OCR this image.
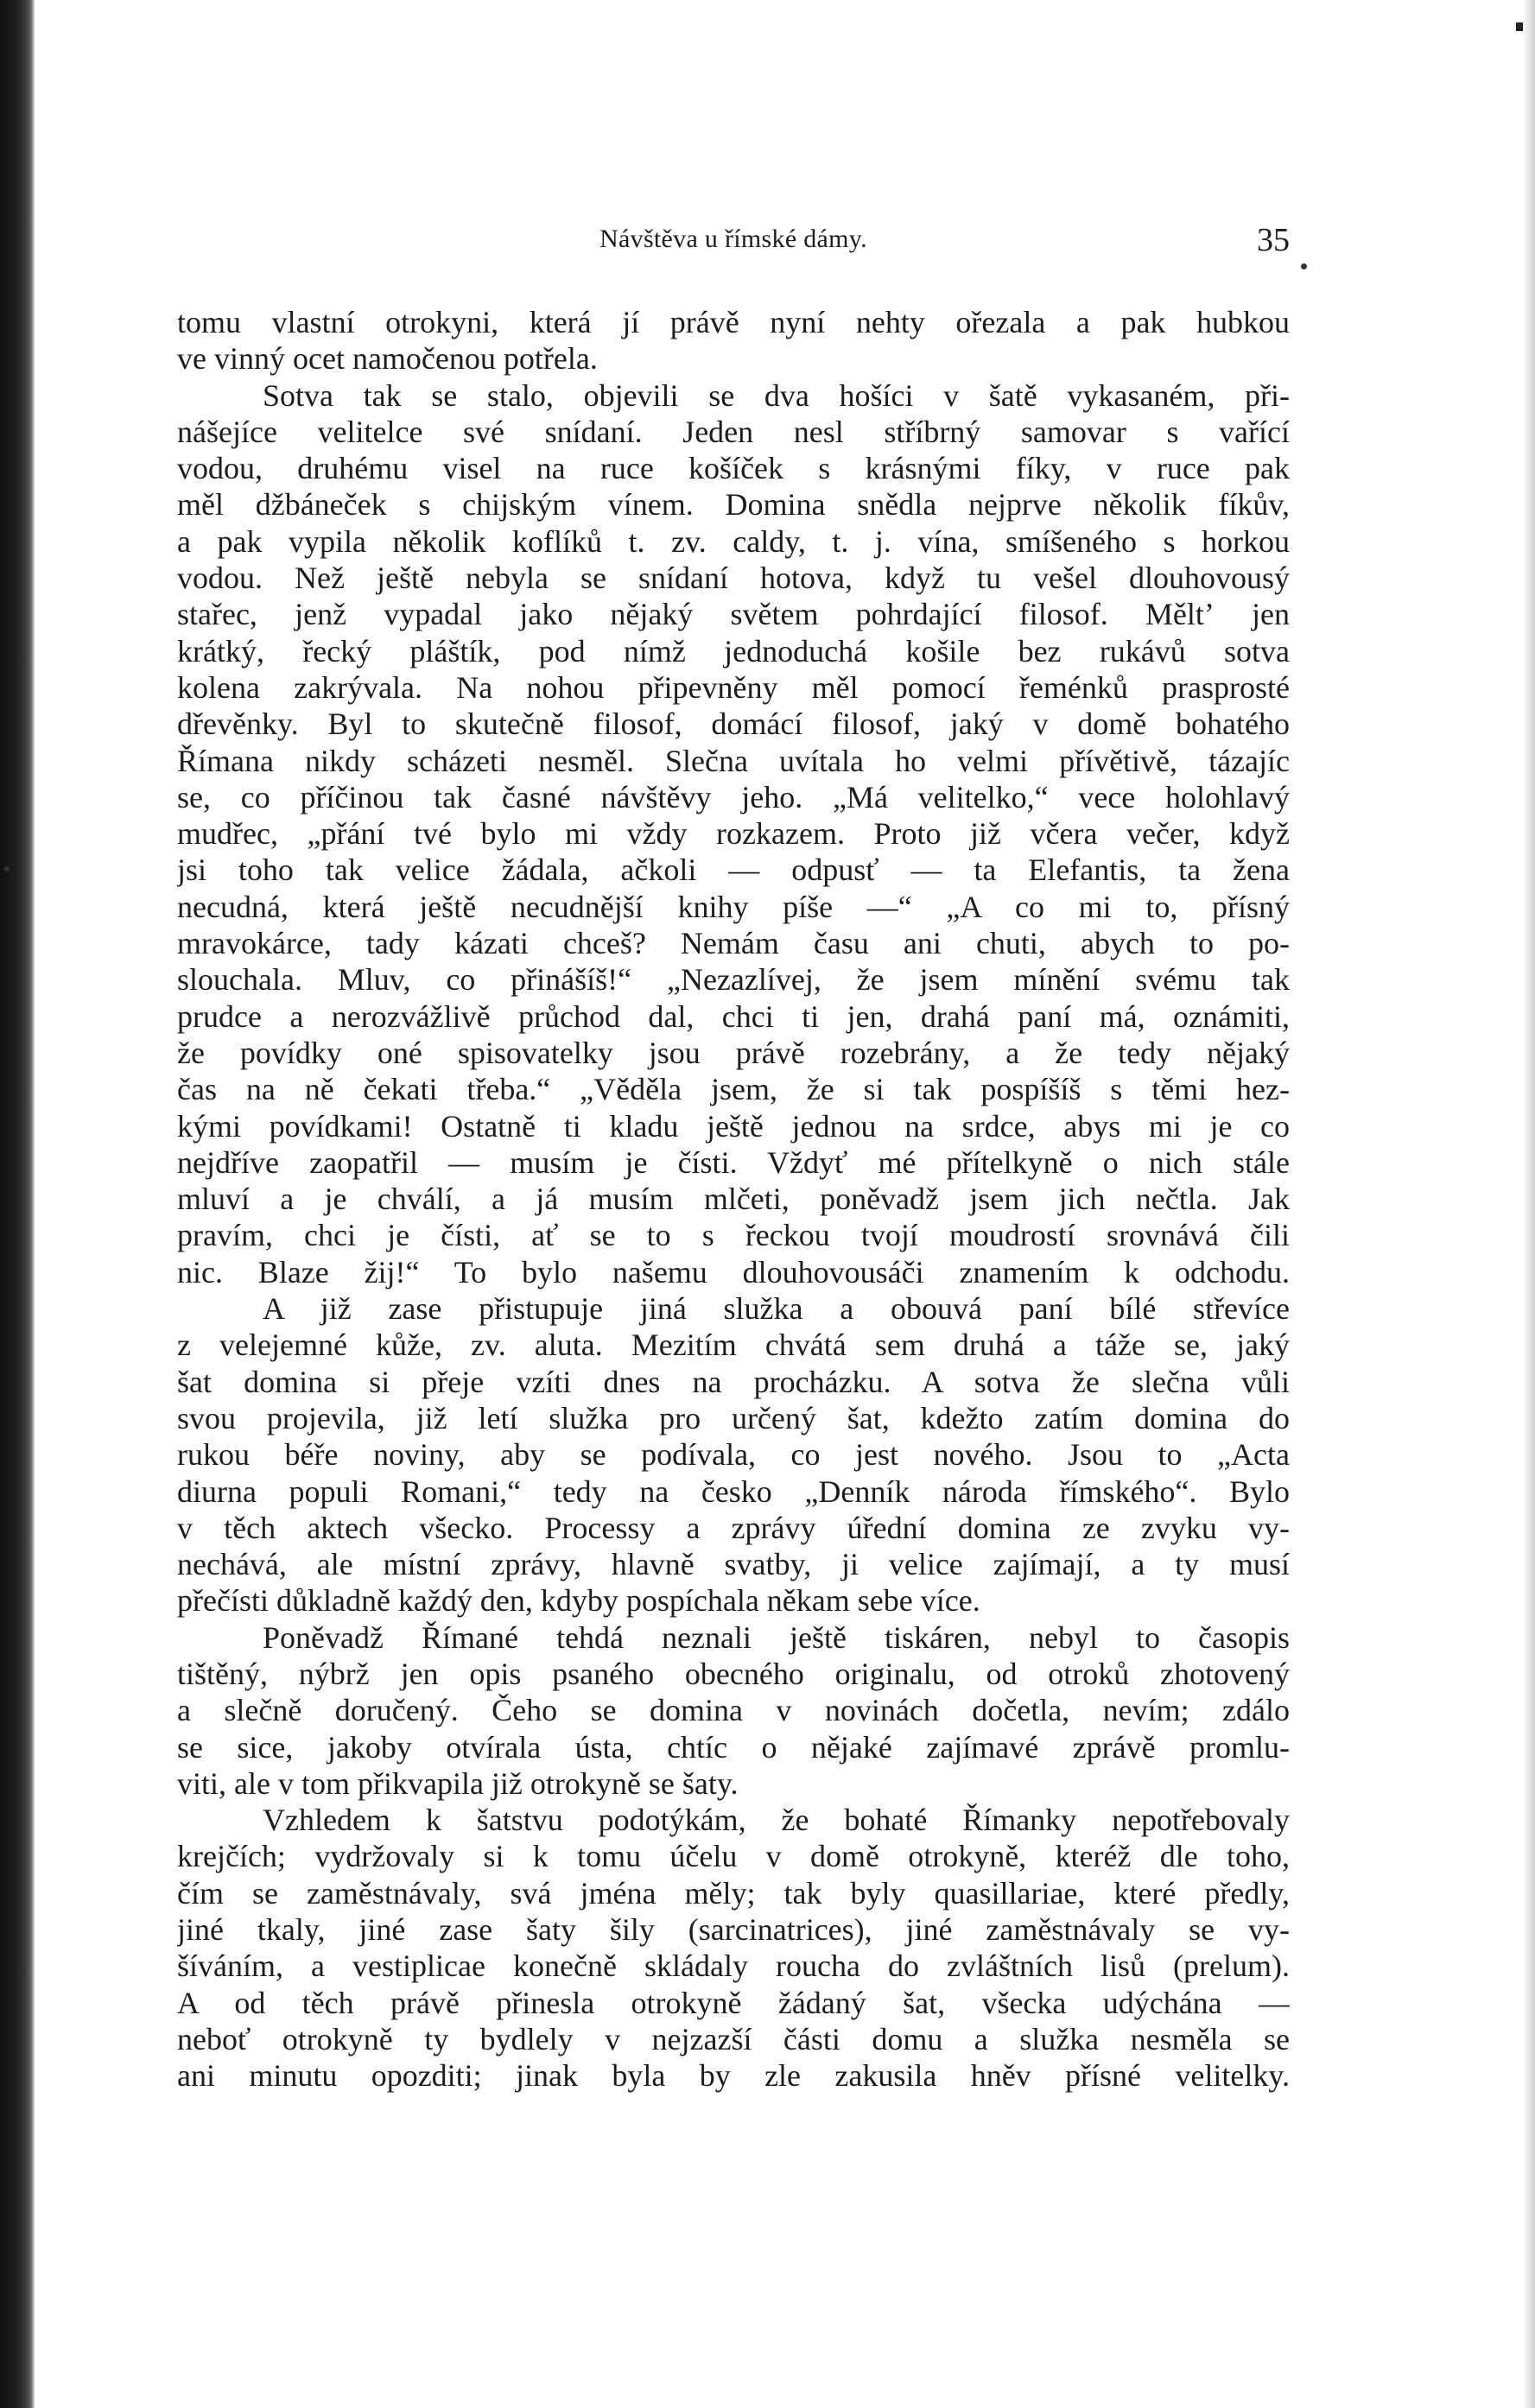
Návštěva u římské dámy.	35
tomu vlastní otrokyni, která jí právě nyní nehty ořezala a pak hubkou
ve vinný ocet namočenou potřela.
Sotva tak se stalo, objevili se dva hošíci v šatě vykasaném, při-
nášejíce velitelce své snídaní. Jeden nesl stříbrný samovar s vařící
vodou, druhému visel na ruce košíček s krásnými fíky, v ruce pak
měl džbáneček s chijským vínem. Domina snědla nejprve několik fíkův,
a pak vypila několik koflíků t. zv. caldy, t. j. vína, smíšeného s horkou
vodou. Než ještě nebyla se snídaní hotova, když tu vešel dlouhovousý
stařec, jenž vypadal jako nějaký světem pohrdající filosof. Měltʼ jen
krátký, řecký pláštík, pod nímž jednoduchá košile bez rukávů sotva
kolena zakrývala. Na nohou připevněny měl pomocí řeménků prasprosté
dřevěnky. Byl to skutečně filosof, domácí filosof, jaký v domě bohatého
Římana nikdy scházeti nesměl. Slečna uvítala ho velmi přívětivě, tázajíc
se, co příčinou tak časné návštěvy jeho. „Má velitelko,“ vece holohlavý
mudřec, „přání tvé bylo mi vždy rozkazem. Proto již včera večer, když
jsi toho tak velice žádala, ačkoli — odpusť — ta Elefantis, ta žena
necudná, která ještě necudnější knihy píše —“ „A co mi to, přísný
mravokárce, tady kázati chceš? Nemám času ani chuti, abych to po-
slouchala. Mluv, co přinášíš!“ „Nezazlívej, že jsem mínění svému tak
prudce a nerozvážlivě průchod dal, chci ti jen, drahá paní má, oznámiti,
že povídky oné spisovatelky jsou právě rozebrány, a že tedy nějaký
čas na ně čekati třeba.“ „Věděla jsem, že si tak pospíšíš s těmi hez-
kými povídkami! Ostatně ti kladu ještě jednou na srdce, abys mi je co
nejdříve zaopatřil — musím je čísti. Vždyť mé přítelkyně o nich stále
mluví a je chválí, a já musím mlčeti, poněvadž jsem jich nečtla. Jak
pravím, chci je čísti, ať se to s řeckou tvojí moudrostí srovnává čili
nic. Blaze žij!“ To bylo našemu dlouhovousáči znamením k odchodu.
A již zase přistupuje jiná služka a obouvá paní bílé střevíce
z velejemné kůže, zv. aluta. Mezitím chvátá sem druhá a táže se, jaký
šat domina si přeje vzíti dnes na procházku. A sotva že slečna vůli
svou projevila, již letí služka pro určený šat, kdežto zatím domina do
rukou béře noviny, aby se podívala, co jest nového. Jsou to „Acta
diurna populi Romani,“ tedy na česko „Denník národa římského“. Bylo
v těch aktech všecko. Processy a zprávy úřední domina ze zvyku vy-
nechává, ale místní zprávy, hlavně svatby, ji velice zajímají, a ty musí
přečísti důkladně každý den, kdyby pospíchala někam sebe více.
Poněvadž Římané tehdá neznali ještě tiskáren, nebyl to časopis
tištěný, nýbrž jen opis psaného obecného originalu, od otroků zhotovený
a slečně doručený. Čeho se domina v novinách dočetla, nevím; zdálo
se sice, jakoby otvírala ústa, chtíc o nějaké zajímavé zprávě promlu-
viti, ale v tom přikvapila již otrokyně se šaty.
Vzhledem k šatstvu podotýkám, že bohaté Římanky nepotřebovaly
krejčích; vydržovaly si k tomu účelu v domě otrokyně, kteréž dle toho,
čím se zaměstnávaly, svá jména měly; tak byly quasillariae, které předly,
jiné tkaly, jiné zase šaty šily (sarcinatrices), jiné zaměstnávaly se vy-
šíváním, a vestiplicae konečně skládaly roucha do zvláštních lisů (prelum).
A od těch právě přinesla otrokyně žádaný šat, všecka udýchána —
neboť otrokyně ty bydlely v nejzazší části domu a služka nesměla se
ani minutu opozditi; jinak byla by zle zakusila hněv přísné velitelky.
